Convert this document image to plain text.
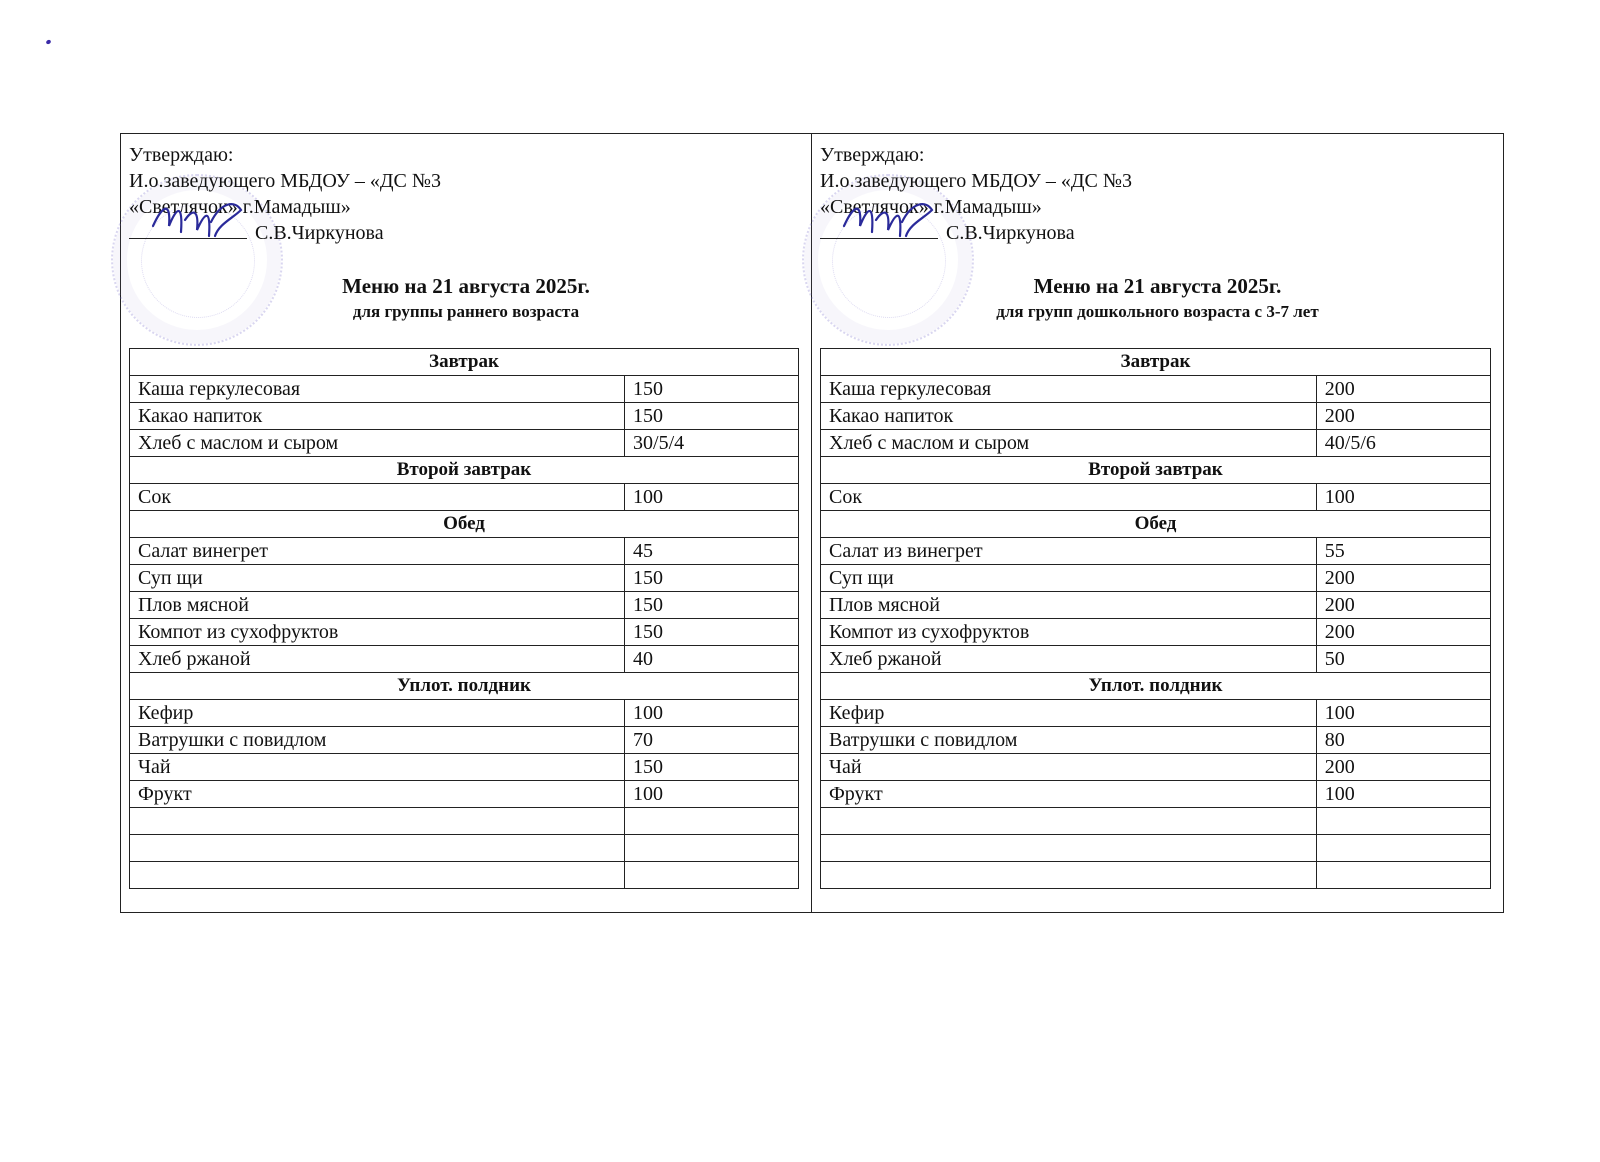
Утверждаю:
И.о.заведующего МБДОУ – «ДС №3
«Светлячок» г.Мамадыш»
С.В.Чиркунова
Меню на 21 августа 2025г.
для группы раннего возраста
Завтрак	
Каша геркулесовая	150
Какао напиток	150
Хлеб с маслом и сыром	30/5/4
Второй завтрак	
Сок	100
Обед	
Салат винегрет	45
Суп щи	150
Плов мясной	150
Компот из сухофруктов	150
Хлеб ржаной	40
Уплот. полдник	
Кефир	100
Ватрушки с повидлом	70
Чай	150
Фрукт	100

Утверждаю:
И.о.заведующего МБДОУ – «ДС №3
«Светлячок» г.Мамадыш»
С.В.Чиркунова
Меню на 21 августа 2025г.
для групп дошкольного возраста с 3-7 лет
Завтрак	
Каша геркулесовая	200
Какао напиток	200
Хлеб с маслом и сыром	40/5/6
Второй завтрак	
Сок	100
Обед	
Салат из винегрет	55
Суп щи	200
Плов мясной	200
Компот из сухофруктов	200
Хлеб ржаной	50
Уплот. полдник	
Кефир	100
Ватрушки с повидлом	80
Чай	200
Фрукт	100
